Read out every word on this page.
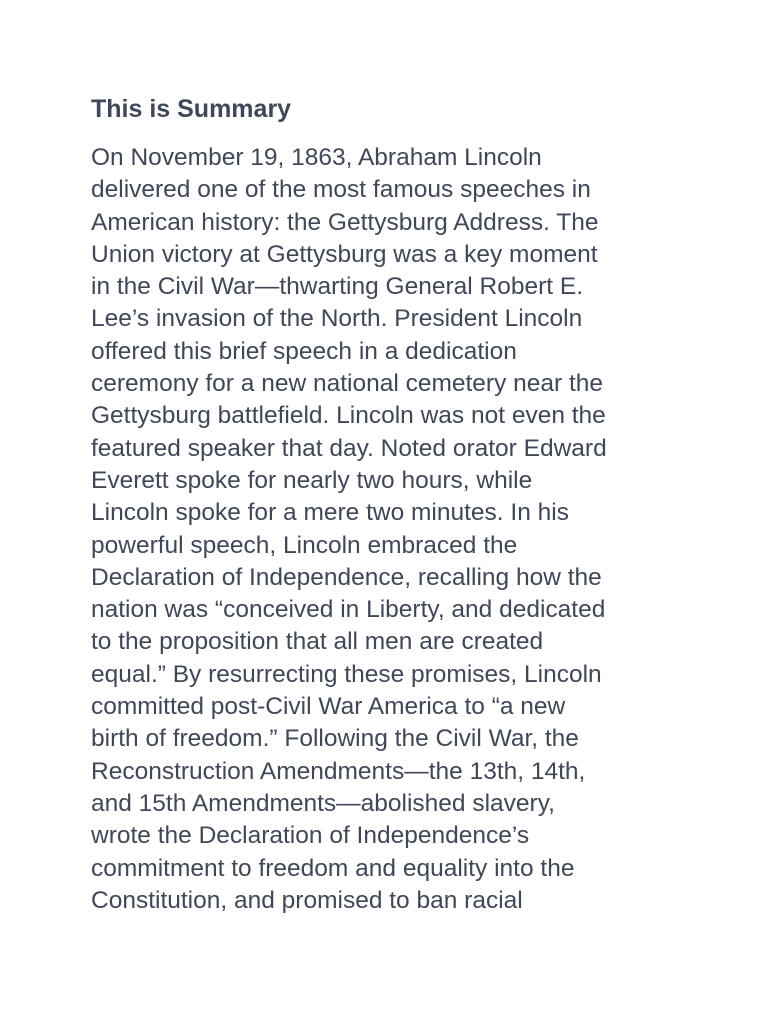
This is Summary
On November 19, 1863, Abraham Lincoln
delivered one of the most famous speeches in
American history: the Gettysburg Address. The
Union victory at Gettysburg was a key moment
in the Civil War—thwarting General Robert E.
Lee’s invasion of the North. President Lincoln
offered this brief speech in a dedication
ceremony for a new national cemetery near the
Gettysburg battlefield. Lincoln was not even the
featured speaker that day. Noted orator Edward
Everett spoke for nearly two hours, while
Lincoln spoke for a mere two minutes. In his
powerful speech, Lincoln embraced the
Declaration of Independence, recalling how the
nation was “conceived in Liberty, and dedicated
to the proposition that all men are created
equal.” By resurrecting these promises, Lincoln
committed post-Civil War America to “a new
birth of freedom.” Following the Civil War, the
Reconstruction Amendments—the 13th, 14th,
and 15th Amendments—abolished slavery,
wrote the Declaration of Independence’s
commitment to freedom and equality into the
Constitution, and promised to ban racial
